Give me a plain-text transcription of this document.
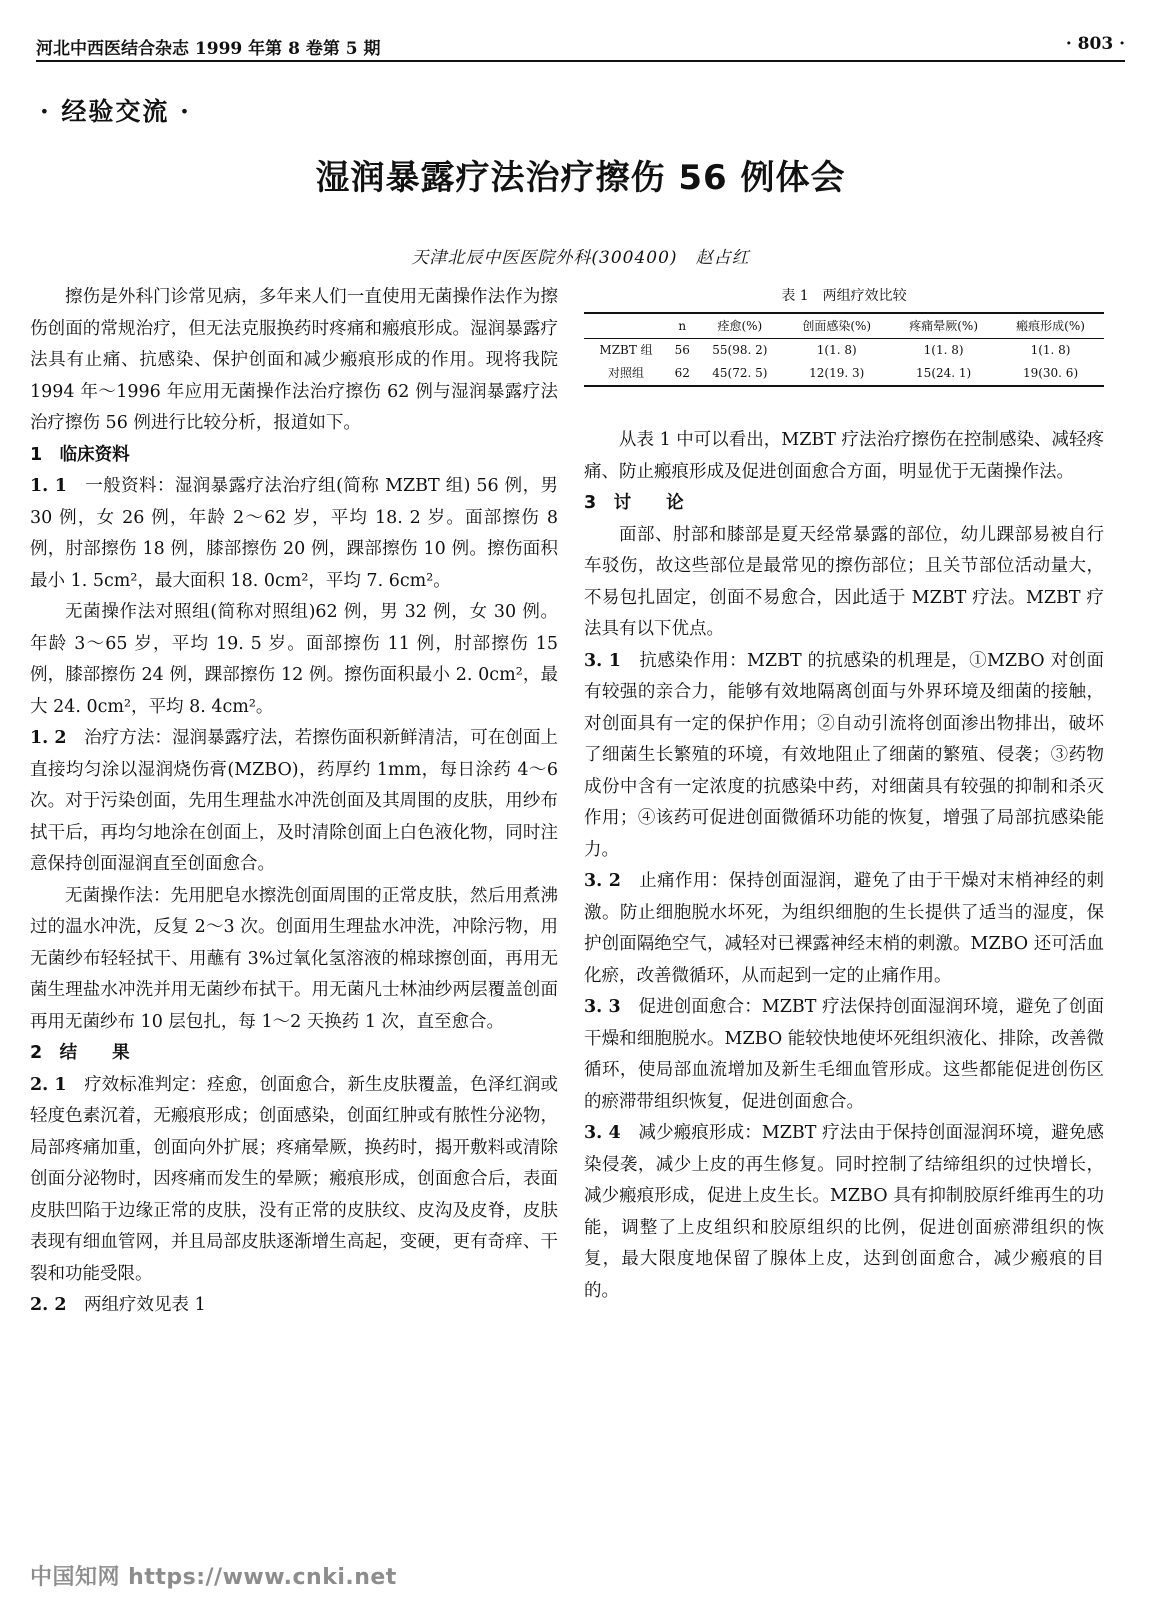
河北中西医结合杂志 1999 年第 8 卷第 5 期	· 803 ·
· 经验交流 ·
湿润暴露疗法治疗擦伤 56 例体会
天津北辰中医医院外科(300400)　赵占红

擦伤是外科门诊常见病，多年来人们一直使用无菌操作法作为擦伤创面的常规治疗，但无法克服换药时疼痛和瘢痕形成。湿润暴露疗法具有止痛、抗感染、保护创面和减少瘢痕形成的作用。现将我院 1994 年～1996 年应用无菌操作法治疗擦伤 62 例与湿润暴露疗法治疗擦伤 56 例进行比较分析，报道如下。

1　临床资料

1. 1　 一般资料：湿润暴露疗法治疗组(简称 MZBT 组) 56 例，男 30 例，女 26 例，年龄 2～62 岁，平均 18. 2 岁。面部擦伤 8 例，肘部擦伤 18 例，膝部擦伤 20 例，踝部擦伤 10 例。擦伤面积最小 1. 5cm²，最大面积 18. 0cm²，平均 7. 6cm²。

无菌操作法对照组(简称对照组)62 例，男 32 例，女 30 例。年龄 3～65 岁，平均 19. 5 岁。面部擦伤 11 例，肘部擦伤 15 例，膝部擦伤 24 例，踝部擦伤 12 例。擦伤面积最小 2. 0cm²，最大 24. 0cm²，平均 8. 4cm²。

1. 2　 治疗方法：湿润暴露疗法，若擦伤面积新鲜清洁，可在创面上直接均匀涂以湿润烧伤膏(MZBO)，药厚约 1mm，每日涂药 4～6 次。对于污染创面，先用生理盐水冲洗创面及其周围的皮肤，用纱布拭干后，再均匀地涂在创面上，及时清除创面上白色液化物，同时注意保持创面湿润直至创面愈合。

无菌操作法：先用肥皂水擦洗创面周围的正常皮肤，然后用煮沸过的温水冲洗，反复 2～3 次。创面用生理盐水冲洗，冲除污物，用无菌纱布轻轻拭干、用蘸有 3%过氧化氢溶液的棉球擦创面，再用无菌生理盐水冲洗并用无菌纱布拭干。用无菌凡士林油纱两层覆盖创面再用无菌纱布 10 层包扎，每 1～2 天换药 1 次，直至愈合。

2　结　　果

2. 1　 疗效标准判定：痊愈，创面愈合，新生皮肤覆盖，色泽红润或轻度色素沉着，无瘢痕形成；创面感染，创面红肿或有脓性分泌物，局部疼痛加重，创面向外扩展；疼痛晕厥，换药时，揭开敷料或清除创面分泌物时，因疼痛而发生的晕厥；瘢痕形成，创面愈合后，表面皮肤凹陷于边缘正常的皮肤，没有正常的皮肤纹、皮沟及皮脊，皮肤表现有细血管网，并且局部皮肤逐渐增生高起，变硬，更有奇痒、干裂和功能受限。

2. 2　 两组疗效见表 1

表 1　两组疗效比较
	n	痊愈(%)	创面感染(%)	疼痛晕厥(%)	瘢痕形成(%)
MZBT 组	56	55(98. 2)	1(1. 8)	1(1. 8)	1(1. 8)
对照组	62	45(72. 5)	12(19. 3)	15(24. 1)	19(30. 6)

从表 1 中可以看出，MZBT 疗法治疗擦伤在控制感染、减轻疼痛、防止瘢痕形成及促进创面愈合方面，明显优于无菌操作法。

3　讨　　论

面部、肘部和膝部是夏天经常暴露的部位，幼儿踝部易被自行车驳伤，故这些部位是最常见的擦伤部位；且关节部位活动量大，不易包扎固定，创面不易愈合，因此适于 MZBT 疗法。MZBT 疗法具有以下优点。

3. 1　 抗感染作用：MZBT 的抗感染的机理是，①MZBO 对创面有较强的亲合力，能够有效地隔离创面与外界环境及细菌的接触，对创面具有一定的保护作用；②自动引流将创面渗出物排出，破坏了细菌生长繁殖的环境，有效地阻止了细菌的繁殖、侵袭；③药物成份中含有一定浓度的抗感染中药，对细菌具有较强的抑制和杀灭作用；④该药可促进创面微循环功能的恢复，增强了局部抗感染能力。

3. 2　 止痛作用：保持创面湿润，避免了由于干燥对末梢神经的刺激。防止细胞脱水坏死，为组织细胞的生长提供了适当的湿度，保护创面隔绝空气，减轻对已裸露神经末梢的刺激。MZBO 还可活血化瘀，改善微循环，从而起到一定的止痛作用。

3. 3　 促进创面愈合：MZBT 疗法保持创面湿润环境，避免了创面干燥和细胞脱水。MZBO 能较快地使坏死组织液化、排除，改善微循环，使局部血流增加及新生毛细血管形成。这些都能促进创伤区的瘀滞带组织恢复，促进创面愈合。

3. 4　 减少瘢痕形成：MZBT 疗法由于保持创面湿润环境，避免感染侵袭，减少上皮的再生修复。同时控制了结缔组织的过快增长，减少瘢痕形成，促进上皮生长。MZBO 具有抑制胶原纤维再生的功能，调整了上皮组织和胶原组织的比例，促进创面瘀滞组织的恢复，最大限度地保留了腺体上皮，达到创面愈合，减少瘢痕的目的。

中国知网 https://www.cnki.net
